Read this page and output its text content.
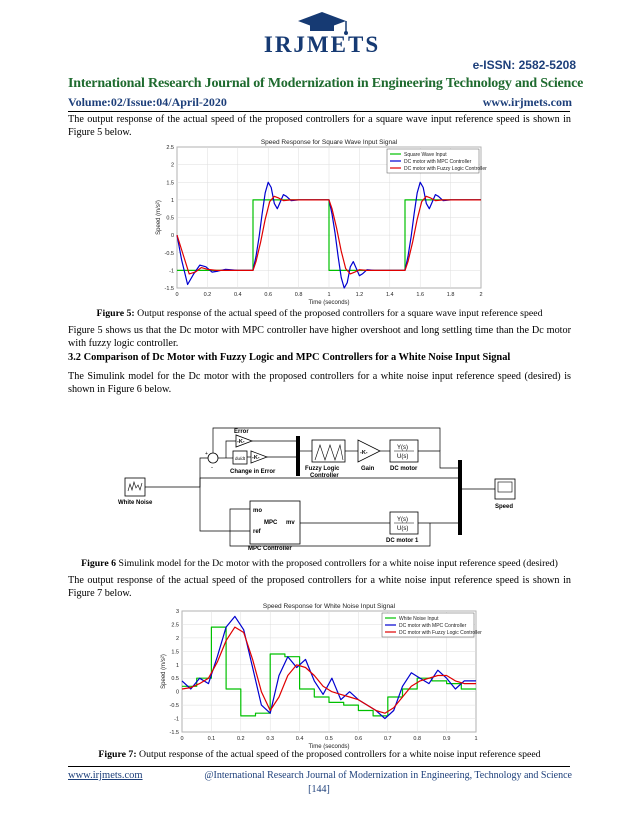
IRJMETS
e-ISSN: 2582-5208
International Research Journal of Modernization in Engineering Technology and Science
Volume:02/Issue:04/April-2020	www.irjmets.com
The output response of the actual speed of the proposed controllers for a square wave input reference speed is shown in Figure 5 below.
0	0.2	0.4	0.6	0.8	1	1.2	1.4	1.6	1.8	2
-1.5
-1
-0.5
0
0.5
1
1.5
2
2.5
Speed Response for Square Wave Input Signal
Time (seconds)
Speed (m/s²)
Square Wave Input
DC motor with MPC Controller
DC motor with Fuzzy Logic Controller
Figure 5: Output response of the actual speed of the proposed controllers for a square wave input reference speed
Figure 5 shows us that the Dc motor with MPC controller have higher overshoot and long settling time than the Dc motor with fuzzy logic controller.
3.2 Comparison of Dc Motor with Fuzzy Logic and MPC Controllers for a White Noise Input Signal
The Simulink model for the Dc motor with the proposed controllers for a white noise input reference speed (desired) is shown in Figure 6 below.
+
-
Error
-K-
du/dt -K-
Change in Error	Fuzzy Logic
Controller
-K-
Gain
Y(s)
U(s)
DC motor
Speed
White Noise
mo
MPC mv
ref
MPC Controller
Y(s)
U(s)
DC motor 1
Figure 6 Simulink model for the Dc motor with the proposed controllers for a white noise input reference speed (desired)
The output response of the actual speed of the proposed controllers for a white noise input reference speed is shown in Figure 7 below.
0	0.1	0.2	0.3	0.4	0.5	0.6	0.7	0.8	0.9	1
-1.5
-1
-0.5
0
0.5
1
1.5
2
2.5
3
Speed Response for White Noise Input Signal
Time (seconds)
Speed (m/s²)
White Noise Input
DC motor with MPC Controller
DC motor with Fuzzy Logic Controller
Figure 7: Output response of the actual speed of the proposed controllers for a white noise input reference speed
www.irjmets.com	@International Research Journal of Modernization in Engineering, Technology and Science
[144]
